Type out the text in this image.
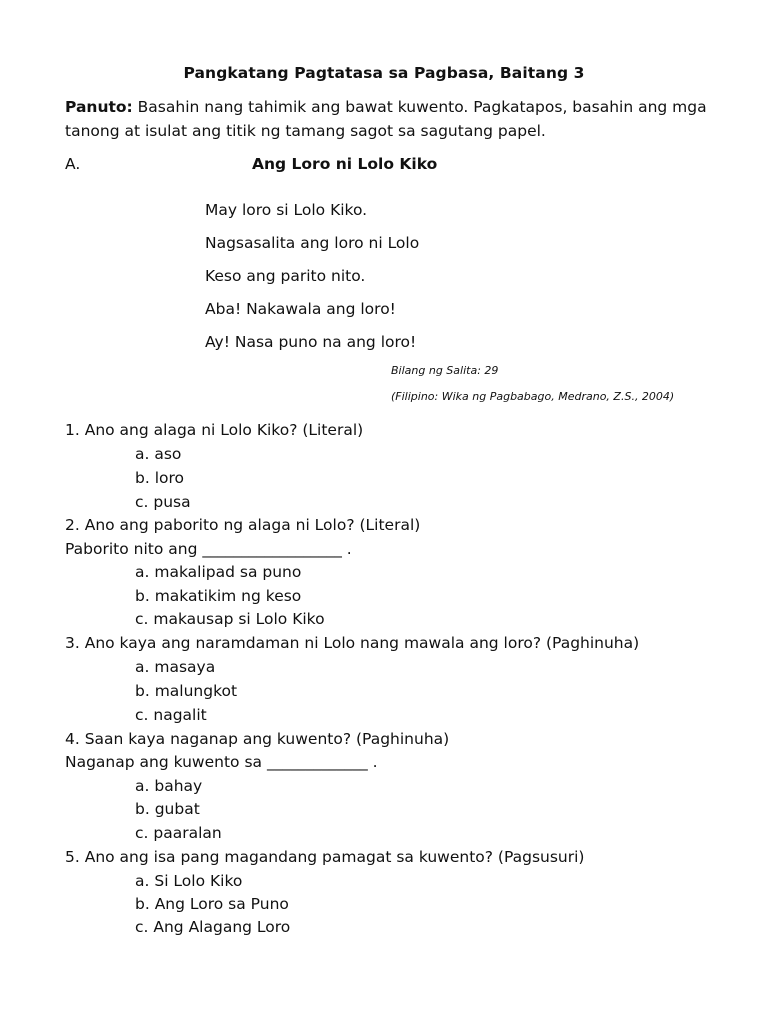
Pangkatang Pagtatasa sa Pagbasa, Baitang 3
Panuto: Basahin nang tahimik ang bawat kuwento. Pagkatapos, basahin ang mga tanong at isulat ang titik ng tamang sagot sa sagutang papel.
A.	Ang Loro ni Lolo Kiko
May loro si Lolo Kiko.
Nagsasalita ang loro ni Lolo
Keso ang parito nito.
Aba! Nakawala ang loro!
Ay! Nasa puno na ang loro!
Bilang ng Salita: 29
(Filipino: Wika ng Pagbabago, Medrano, Z.S., 2004)
1. Ano ang alaga ni Lolo Kiko? (Literal)
a. aso
b. loro
c. pusa
2. Ano ang paborito ng alaga ni Lolo? (Literal)
Paborito nito ang __________________ .
a. makalipad sa puno
b. makatikim ng keso
c. makausap si Lolo Kiko
3. Ano kaya ang naramdaman ni Lolo nang mawala ang loro? (Paghinuha)
a. masaya
b. malungkot
c. nagalit
4. Saan kaya naganap ang kuwento? (Paghinuha)
Naganap ang kuwento sa _____________ .
a. bahay
b. gubat
c. paaralan
5. Ano ang isa pang magandang pamagat sa kuwento? (Pagsusuri)
a. Si Lolo Kiko
b. Ang Loro sa Puno
c. Ang Alagang Loro
